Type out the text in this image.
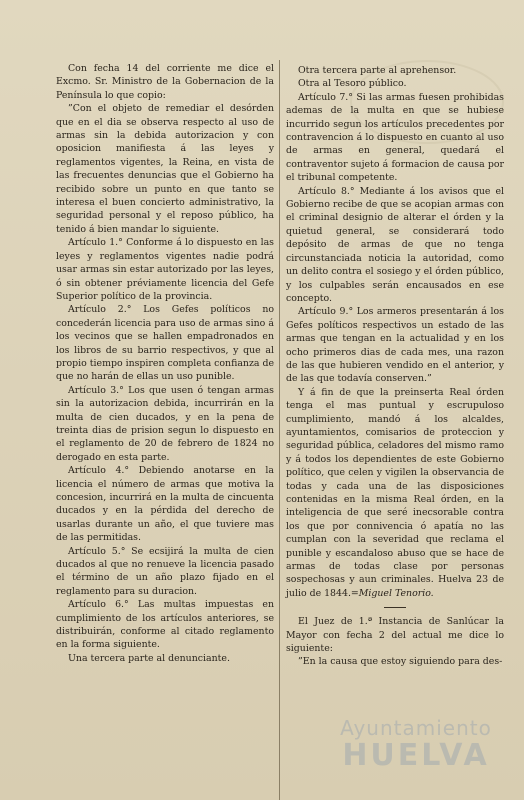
Con fecha 14 del corriente me dice el Excmo. Sr. Ministro de la Gobernacion de la Península lo que copio:

”Con el objeto de remediar el desórden que en el dia se observa respecto al uso de armas sin la debida autorizacion y con oposicion manifiesta á las leyes y reglamentos vigentes, la Reina, en vista de las frecuentes denuncias que el Gobierno ha recibido sobre un punto en que tanto se interesa el buen concierto administrativo, la seguridad personal y el reposo público, ha tenido á bien mandar lo siguiente.

Artículo 1.° Conforme á lo dispuesto en las leyes y reglamentos vigentes nadie podrá usar armas sin estar autorizado por las leyes, ó sin obtener préviamente licencia del Gefe Superior político de la provincia.

Artículo 2.° Los Gefes políticos no concederán licencia para uso de armas sino á los vecinos que se hallen empadronados en los libros de su barrio respectivos, y que al propio tiempo inspiren completa confianza de que no harán de ellas un uso punible.

Artículo 3.° Los que usen ó tengan armas sin la autorizacion debida, incurrirán en la multa de cien ducados, y en la pena de treinta dias de prision segun lo dispuesto en el reglamento de 20 de febrero de 1824 no derogado en esta parte.

Artículo 4.° Debiendo anotarse en la licencia el número de armas que motiva la concesion, incurrirá en la multa de cincuenta ducados y en la pérdida del derecho de usarlas durante un año, el que tuviere mas de las permitidas.

Artículo 5.° Se ecsijirá la multa de cien ducados al que no renueve la licencia pasado el término de un año plazo fijado en el reglamento para su duracion.

Artículo 6.° Las multas impuestas en cumplimiento de los artículos anteriores, se distribuirán, conforme al citado reglamento en la forma siguiente.

Una tercera parte al denunciante.

Otra tercera parte al aprehensor.

Otra al Tesoro público.

Artículo 7.° Si las armas fuesen prohibidas ademas de la multa en que se hubiese incurrido segun los artículos precedentes por contravencion á lo dispuesto en cuanto al uso de armas en general, quedará el contraventor sujeto á formacion de causa por el tribunal competente.

Artículo 8.° Mediante á los avisos que el Gobierno recibe de que se acopian armas con el criminal designio de alterar el órden y la quietud general, se considerará todo depósito de armas de que no tenga circunstanciada noticia la autoridad, como un delito contra el sosiego y el órden público, y los culpables serán encausados en ese concepto.

Artículo 9.° Los armeros presentarán á los Gefes políticos respectivos un estado de las armas que tengan en la actualidad y en los ocho primeros dias de cada mes, una razon de las que hubieren vendido en el anterior, y de las que todavía conserven.”

Y á fin de que la preinserta Real órden tenga el mas puntual y escrupuloso cumplimiento, mandó á los alcaldes, ayuntamientos, comisarios de proteccion y seguridad pública, celadores del mismo ramo y á todos los dependientes de este Gobierno político, que celen y vigilen la observancia de todas y cada una de las disposiciones contenidas en la misma Real órden, en la inteligencia de que seré inecsorable contra los que por connivencia ó apatía no las cumplan con la severidad que reclama el punible y escandaloso abuso que se hace de armas de todas clase por personas sospechosas y aun criminales. Huelva 23 de julio de 1844.=Miguel Tenorio.

El Juez de 1.ª Instancia de Sanlúcar la Mayor con fecha 2 del actual me dice lo siguiente:

”En la causa que estoy siguiendo para des-

Ayuntamiento
HUELVA
